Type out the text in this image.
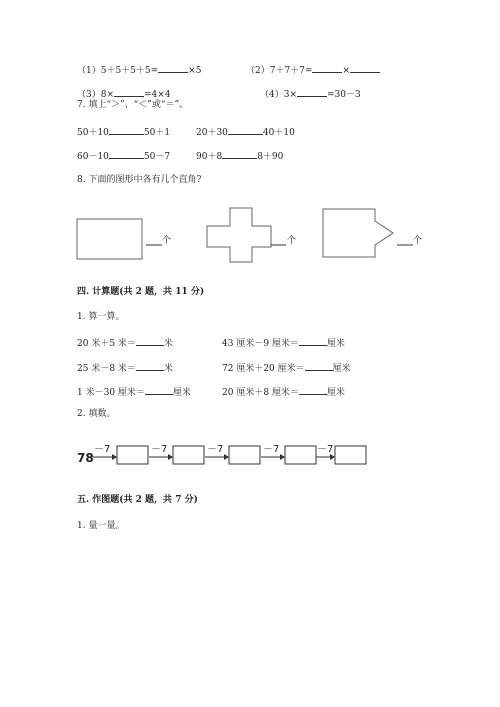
（1）5＋5＋5＋5=	×5	（2）7＋7＋7=	×
（3）8×	=4×4	（4）3×	=30－3
7. 填上“＞”、“＜”或“＝”。
50＋10	50＋1	20＋30	40＋10
60－10	50－7	90＋8	8＋90
8. 下面的图形中各有几个直角?
个	个	个
四. 计算题(共 2 题，共 11 分)
1. 算一算。
20 米＋5 米＝	米	43 厘米－9 厘米＝	厘米
25 米－8 米＝	米	72 厘米＋20 厘米＝	厘米
1 米－30 厘米＝	厘米	20 厘米＋8 厘米＝	厘米
2. 填数。
78
－7	－7	－7	－7	－7
五. 作图题(共 2 题，共 7 分)
1. 量一量。
